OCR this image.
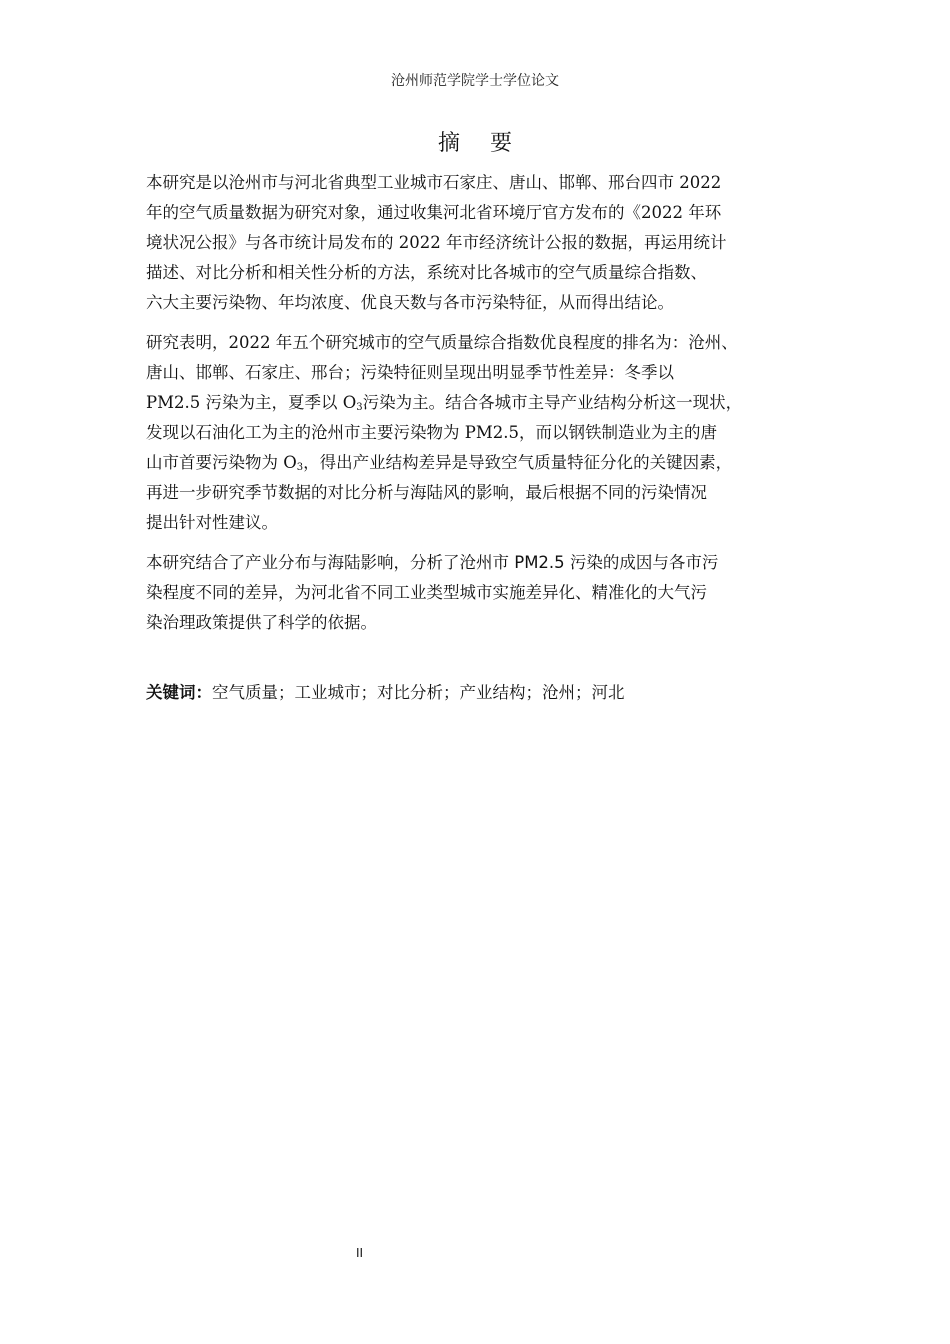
沧州师范学院学士学位论文
摘要
本研究是以沧州市与河北省典型工业城市石家庄、唐山、邯郸、邢台四市 2022
年的空气质量数据为研究对象，通过收集河北省环境厅官方发布的《2022 年环
境状况公报》与各市统计局发布的 2022 年市经济统计公报的数据，再运用统计
描述、对比分析和相关性分析的方法，系统对比各城市的空气质量综合指数、
六大主要污染物、年均浓度、优良天数与各市污染特征，从而得出结论。
研究表明，2022 年五个研究城市的空气质量综合指数优良程度的排名为：沧州、
唐山、邯郸、石家庄、邢台；污染特征则呈现出明显季节性差异：冬季以
PM2.5 污染为主，夏季以 $O_3$污染为主。结合各城市主导产业结构分析这一现状，
发现以石油化工为主的沧州市主要污染物为 PM2.5，而以钢铁制造业为主的唐
山市首要污染物为 $O_3$，得出产业结构差异是导致空气质量特征分化的关键因素，
再进一步研究季节数据的对比分析与海陆风的影响，最后根据不同的污染情况
提出针对性建议。
本研究结合了产业分布与海陆影响，分析了沧州市 PM2.5 污染的成因与各市污
染程度不同的差异，为河北省不同工业类型城市实施差异化、精准化的大气污
染治理政策提供了科学的依据。
关键词：空气质量；工业城市；对比分析；产业结构；沧州；河北
II
